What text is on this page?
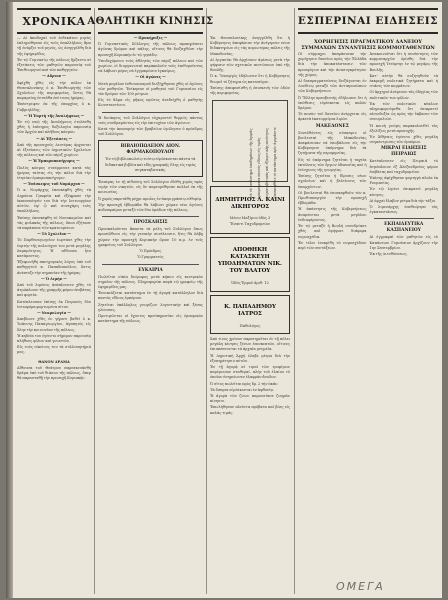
ΧΡΟΝΙΚΑ ΑΘΛΗΤΙΚΗ ΚΙΝΗΣΙΣ	ΕΣΠΕΡΙΝΑΙ ΕΙΔΗΣΕΙΣ

— Αἱ ἀποδοχαὶ τοῦ ἐνδεκάτου μηνὸς ἐπληρώθησαν εἰς τοὺς ὑπαλλήλους ἅμα τῇ ἐνάρξει τοῦ μηνός, ὡς ἀνηγγέλθη διὰ τῆς ἐφημερίδος.

Ἐν τῷ Γυμνασίῳ τῆς πόλεως ἤρξαντο αἱ ἐξετάσεις τῶν μαθητῶν παρουσίᾳ τοῦ Ἐπιθεωρητοῦ καὶ τῶν καθηγητῶν.

— Αὔριον —

Ἀφίχθη χθὲς εἰς τὴν πόλιν ἐκ Θεσσαλονίκης ὁ κ. Ἐπιθεωρητὴς τῶν Σχολείων τῆς περιφερείας, ὅστις θὰ παραμείνῃ ἐνταῦθα ἐπί τινας ἡμέρας.

Ἐπέστρεψεν ἐκ τῆς ἐπαρχίας ὁ κ. Γαβριηλίδης.

— Ἡ Ἐορτὴ τῆς Ἀναλήψεως —

Ἐν τῷ ναῷ τῆς Ἀναλήψεως ἐτελέσθη χθὲς ἡ ἐπίσημος δοξολογία παρουσίᾳ τῶν Ἀρχῶν καὶ πλήθους κόσμου.

— Αἱ Ἐξετάσεις —

Ἀπὸ τῆς προσεχοῦς Δευτέρας ἀρχονται αἱ ἐξετάσεις τῶν Δημοτικῶν Σχολείων τῆς πόλεως καὶ τῶν πέριξ χωρίων.

— Ἡ Ἐμποροπανήγυρις —

Πολὺς κόσμος συνέρρευσε κατὰ τὰς ἡμέρας ταύτας εἰς τὴν πόλιν διὰ τὴν ἐτησίαν ἐμποροπανήγυριν.

— Ἐπίσκεψις τοῦ Νομάρχου —

Ὁ κ. Νομάρχης ἐπεσκέφθη χθὲς τὰ Δημόσια Γραφεῖα καὶ ἐξέφρασε τὴν ἱκανοποίησίν του διὰ τὴν λειτουργίαν αὐτῶν, ἐφ' ᾧ καὶ συνεχάρη τοὺς ὑπαλλήλους.

Ἐπίσης ἐπεσκέφθη τὸ Νοσοκομεῖον καὶ τὰς φυλακὰς τῆς πόλεως, ὅπου ἐξήτασε τὰ παράπονα τῶν κρατουμένων.

— Τὸ Σχολεῖον —

Τὸ Παρθεναγωγεῖον ἐωρτάσε χθὲς τὴν ἑορτὴν τῆς πολιούχου του μετὰ μεγάλης λαμπρότητος. Ἡ αἴθουσα ἦτο κατάμεστος.

Ἐξεφωνήθη πανηγυρικὸς λόγος ὑπὸ τοῦ καθηγητοῦ κ. Παπαδοπούλου, ὅστις ἀνέπτυξε τὴν σημασίαν τῆς ἡμέρας.

— Ὁ Λιμήν —

Ἀπὸ τοῦ λιμένος ἀπέπλευσεν χθὲς τὸ ἀτμόπλοιον τῆς γραμμῆς φέρον ἐπιβάτας καὶ φορτία.

Κατέπλευσαν ἐπίσης ἐκ Πειραιῶς δύο ἱστιοφόρα φορτωμένα σίτον.

— Νεκρολογία —

Ἀπεβίωσε χθὲς ἐν γήρατι βαθεῖ ὁ κ. Ἰωάννης Παπαγεωργίου, ἀγαπητὸς εἰς ὅλην τὴν κοινωνίαν τῆς πόλεως.

Ἡ κηδεία του ἐγένετο σήμερον παρουσίᾳ πλήθους φίλων καὶ γνωστῶν.

Εἰς τοὺς οἰκείους του τὰ συλλυπητήριά μας.

ΘΑΝΟΝ ΔΡΑΜΑ

Αἴθουσα τοῦ Θεάτρου παρεσκευάσθη δρᾶμα ὑπὸ τοῦ θιάσου τῆς πόλεως, ὅπερ θὰ παρασταθῇ τὴν προσεχῆ Κυριακήν.

— Προκήρυξις —

Ὁ Γυμναστικὸς Σύλλογος τῆς πόλεως προκηρύσσει ἀγῶνας δρόμου καὶ πάλης, οἵτινες θὰ διεξαχθῶσι τὴν προσεχῆ Κυριακὴν ἐν τῷ γηπέδῳ.

Ὑποδεχόμενοι τοὺς ἀθλητὰς τῶν πέριξ πόλεων καὶ τῶν χωρίων, οἱ διοργανωταὶ παρακαλοῦν τοὺς ἐπιθυμοῦντας νὰ λάβωσι μέρος νὰ ἐγγραφῶσιν ἐγκαίρως.

— Οἱ ἀγῶνες —

Μετὰ μεγάλου ἐνθουσιασμοῦ διεξήχθησαν χθὲς οἱ ἀγῶνες τῶν μαθητῶν. Ἐνίκησαν οἱ μαθηταὶ τοῦ Γυμνασίου εἰς τὸν δρόμον τῶν 100 μέτρων.

Εἰς τὸ ἅλμα εἰς μῆκος πρῶτος ἀνεδείχθη ὁ μαθητὴς Κωνσταντίνου.

Ἡ διοίκησις τοῦ Συλλόγου εὐχαριστεῖ θερμῶς πάντας τοὺς συνδραμόντας εἰς τὴν ἐπιτυχίαν τῶν ἀγώνων.

Κατὰ τὴν ἀπονομὴν τῶν βραβείων ὡμίλησεν ὁ πρόεδρος τοῦ Συλλόγου.

ΒΙΒΛΙΟΠΩΛΕΙΟΝ ΔΙΟΝ. ΦΑΡΜΑΚΟΠΟΥΛΟΥ

Ἐν τῷ βιβλιοπωλείῳ τούτῳ εὑρίσκονται πάντα τὰ διδακτικὰ βιβλία καὶ εἴδη γραφικῆς ὕλης εἰς τιμὰς συγκαταβατικάς.

Ἐσπέρας ἐν τῇ αἰθούσῃ τοῦ Συλλόγου ἐδόθη χορὸς πρὸς τιμὴν τῶν νικητῶν, εἰς ὃν παρευρέθησαν πολλοὶ ἐκ τῆς κοινωνίας.

Ὁ χορὸς παρετάθη μέχρι πρωΐας ἐν ἀπεριγράπτῳ εὐθυμίᾳ.

Τὴν προσεχῆ ἑβδομάδα θὰ λάβωσι χώραν νέοι ἀγῶνες ποδοσφαίρου μεταξὺ τῶν δύο ὁμάδων τῆς πόλεως.

ΠΡΟΣΚΛΗΣΙΣ

Προσκαλοῦνται ἅπαντα τὰ μέλη τοῦ Συλλόγου ὅπως προσέλθωσι εἰς τὴν γενικὴν συνέλευσιν, ἥτις θὰ λάβῃ χώραν τὴν προσεχῆ Κυριακὴν ὥραν 10 π.μ. ἐν τοῖς γραφείοις τοῦ Συλλόγου.

Ὁ Πρόεδρος

Ὁ Γραμματεὺς

ΕΥΚΑΙΡΙΑ

Πωλεῖται οἰκία διώροφος μετὰ κήπου εἰς κεντρικὸν σημεῖον τῆς πόλεως. Πληροφορίαι παρὰ τῷ γραφείῳ τῆς ἐφημερίδος μας.

Ἐνοικιάζεται κατάστημα ἐν τῇ ἀγορᾷ κατάλληλον διὰ παντὸς εἴδους ἐμπόριον.

Ζητεῖται ὑπάλληλος γνωρίζων λογιστικὴν καὶ ξένας γλώσσας.

Προτιμῶνται οἱ ἔχοντες προϋπηρεσίαν εἰς ἐμπορικὸν κατάστημα τῆς πόλεως.

Ἐκ Θεσσαλονίκης ἀνηγγέλθη ὅτι ἡ Κυβέρνησις ἀπεφάσισε τὴν ἀνέγερσιν νέων διδακτηρίων εἰς τὰς κυριωτέρας πόλεις τῆς Μακεδονίας.

Αἱ ἐργασίαι θὰ ἀρχίσουν ἀμέσως μετὰ τὴν ψήφισιν τῶν σχετικῶν πιστώσεων ὑπὸ τῆς Βουλῆς.

Ὁ κ. Ὑπουργὸς ἐδήλωσεν ὅτι ἡ Κυβέρνησις θεωρεῖ τὸ ζήτημα ὡς κατεπεῖγον.

Ἐπίσης ἀπεφασίσθη ἡ ἐπισκευὴ τῶν ὁδῶν τῆς περιφερείας.

Διὰ τὰ κατάστημα ὑποδημάτων τῆς ἀγορᾶς ἐμπορεύματα παντὸς εἴδους εἰς τιμὰς συγκαταβατικὰς καὶ ἐξαιρετικῆς ποιότητος Ἐπισκεφθῆτε τὸ κατάστημα πρὶν ἀγοράσετε

ΔΗΜΗΤΡΙΟΣ Λ. ΚΑΙΝΙ ΔΙΚΗΓΟΡΟΣ

Μέσω Μαξίμου ὁδὸς 3

Ἔναντι Ταχυδρομείου

ΑΠΟΘΗΚΗ ΚΑΤΑΣΚΕΥΗ ΥΠΟΔΗΜΑΤΩΝ ΝΙΚ. ΤΟΥ ΒΛΑΤΟΥ

Ὁδὸς Ἑρμοῦ ἀριθ. 12

Κ. ΠΑΠΑΔΗΜΟΥ ΙΑΤΡΟΣ

Παθολόγος

Ἀπὸ τινος χρόνου παρατηρεῖται ἐν τῇ πόλει μεγάλη κίνησις ξένων ἐπισκεπτῶν, οἵτινες ἐπισκέπτονται τὰ ἀρχαῖα μνημεῖα.

Ἡ Δημοτικὴ Ἀρχὴ ἐλαβε μέτρα διὰ τὴν ἐξυπηρέτησιν αὐτῶν.

Ἐν τῇ ἀγορᾷ αἱ τιμαὶ τῶν τροφίμων παρέμειναν σταθεραί, πλὴν τοῦ ἐλαίου τὸ ὁποῖον ἐσημείωσεν ἐλαφρὰν ἄνοδον.

Ὁ σῖτος πωλεῖται πρὸς δρ. 2 τὴν ὀκᾶν.

Τὰ ὄσπρια εὑρίσκονται ἐν ἀφθονίᾳ.

Ἡ ἀγορὰ τῶν ζώων παρουσίασε ζωηρὰν κίνησιν.

Ἐπωλήθησαν πλεῖστα πρόβατα καὶ βόες εἰς καλὰς τιμάς.

ΧΟΡΗΓΗΣΙΣ ΠΡΑΓΜΑΤΙΚΟΥ ΔΑΝΕΙΟΥ ΣΥΜΜΑΧΩΝ ΣΥΝΑΝΤΗΣΙΣ ΚΟΜΜΟΤΑΘΕΝΤΩΝ

Οἱ σύμμαχοι ἀπεφάσισαν τὴν χορήγησιν δανείου πρὸς τὴν Ἑλλάδα διὰ τὴν ἀποκατάστασιν τῶν προσφύγων καὶ τὴν ἀνασυγκρότησιν τῆς χώρας.

Αἱ διαπραγματεύσεις διεξάγονται ἐν Λονδίνῳ μεταξὺ τῶν ἀντιπροσώπων τῶν Κυβερνήσεων.

Ὁ Ἕλλην πρεσβευτὴς ἐδήλωσεν ὅτι ἡ ὑπόθεσις εὑρίσκεται εἰς καλὸν δρόμον.

Τὸ ποσὸν τοῦ δανείου ἀνέρχεται εἰς ἀρκετὰ ἑκατομμύρια λιρῶν.

ΜΑΚΕΔΟΝΕΣ

Συνελθόντες εἰς σύσκεψιν οἱ βουλευταὶ τῆς Μακεδονίας ἀπεφάσισαν νὰ ὑποβάλουν εἰς τὴν Κυβέρνησιν ὑπόμνημα διὰ τὰ ζητήματα τῆς περιφερείας.

Εἰς τὸ ὑπόμνημα ζητεῖται ἡ ταχεῖα ἐκτέλεσις τῶν ἔργων ὀδοποιΐας καὶ ἡ ἐνίσχυσις τῆς γεωργίας.

Ἐπίσης ζητεῖται ἡ ἵδρυσις νέων σχολείων καὶ ἡ βελτίωσις τῶν ὑπαρχόντων.

Οἱ βουλευταὶ θὰ ἐπισκεφθοῦν τὸν κ. Πρωθυπουργὸν τὴν προσεχῆ ἑβδομάδα.

Ἡ ἀπάντησις τῆς Κυβερνήσεως ἀναμένεται μετὰ μεγάλου ἐνδιαφέροντος.

Ἐν τῷ μεταξὺ ἡ Βουλὴ συνεδρίασε χθὲς καὶ ἐψήφισε διάφορα νομοσχέδια.

Ἐν τέλει ἐνεκρίθη τὸ νομοσχέδιον περὶ τῶν συντάξεων.

Ἀνακοινοῦται ὅτι ἡ συνάντησις τῶν κομματαρχῶν ὁρίσθη διὰ τὴν προσεχῆ Τετάρτην ἐν τῷ μεγάρῳ τῆς Βουλῆς.

Κατ' αὐτὴν θὰ συζητηθοῦν τὰ ἐκκρεμῆ πολιτικὰ ζητήματα καὶ ἡ στάσις τῶν κομμάτων.

Οἱ ἀρχηγοὶ ἀνέμενον τὰς ὁδηγίας τῶν πολιτικῶν των φίλων.

Ἐκ τῶν πολιτικῶν κύκλων πληροφορούμεθα ὅτι ἐπικρατεῖ αἰσιοδοξία ὡς πρὸς τὴν ἔκβασιν τῶν συνομιλιῶν.

Ἡ κοινὴ γνώμη παρακολουθεῖ τὰς ἐξελίξεις μετὰ προσοχῆς.

Ἐν Ἀθήναις ἐγένετο χθὲς μεγάλη συγκέντρωσις τῶν ἐμπόρων.

ΜΙΚΡΑΙ ΕΙΔΗΣΕΙΣ ΠΕΙΡΑΙΩΣ

Κατέπλευσεν εἰς Πειραιᾶ τὸ ἀτμόπλοιον ἐξ Ἀλεξανδρείας φέρον ἐπιβάτας καὶ ταχυδρομεῖον.

Ἐπίσης ἀφίχθησαν φορτηγὰ πλοῖα ἐκ Ρουμανίας.

Ἐν τῷ λιμένι ἐπικρατεῖ μεγάλη κίνησις.

Αἱ ἀρχαὶ ἔλαβον μέτρα διὰ τὴν τάξιν.

Ὁ λιμενάρχης ἐπεθεώρησε τὰς ἐγκαταστάσεις.

ΕΚΠΑΙΔΕΥΤΙΚΑ ΚΑΣΠΑΝΕΙΟΥ

Αἱ ἐγγραφαὶ τῶν μαθητῶν εἰς τὸ Καπάνειον Γυμνάσιον ἀρχίζουν τὴν 1ην Σεπτεμβρίου.

Ἐκ τῆς Διευθύνσεως.

ΟΜΕΓΑ
